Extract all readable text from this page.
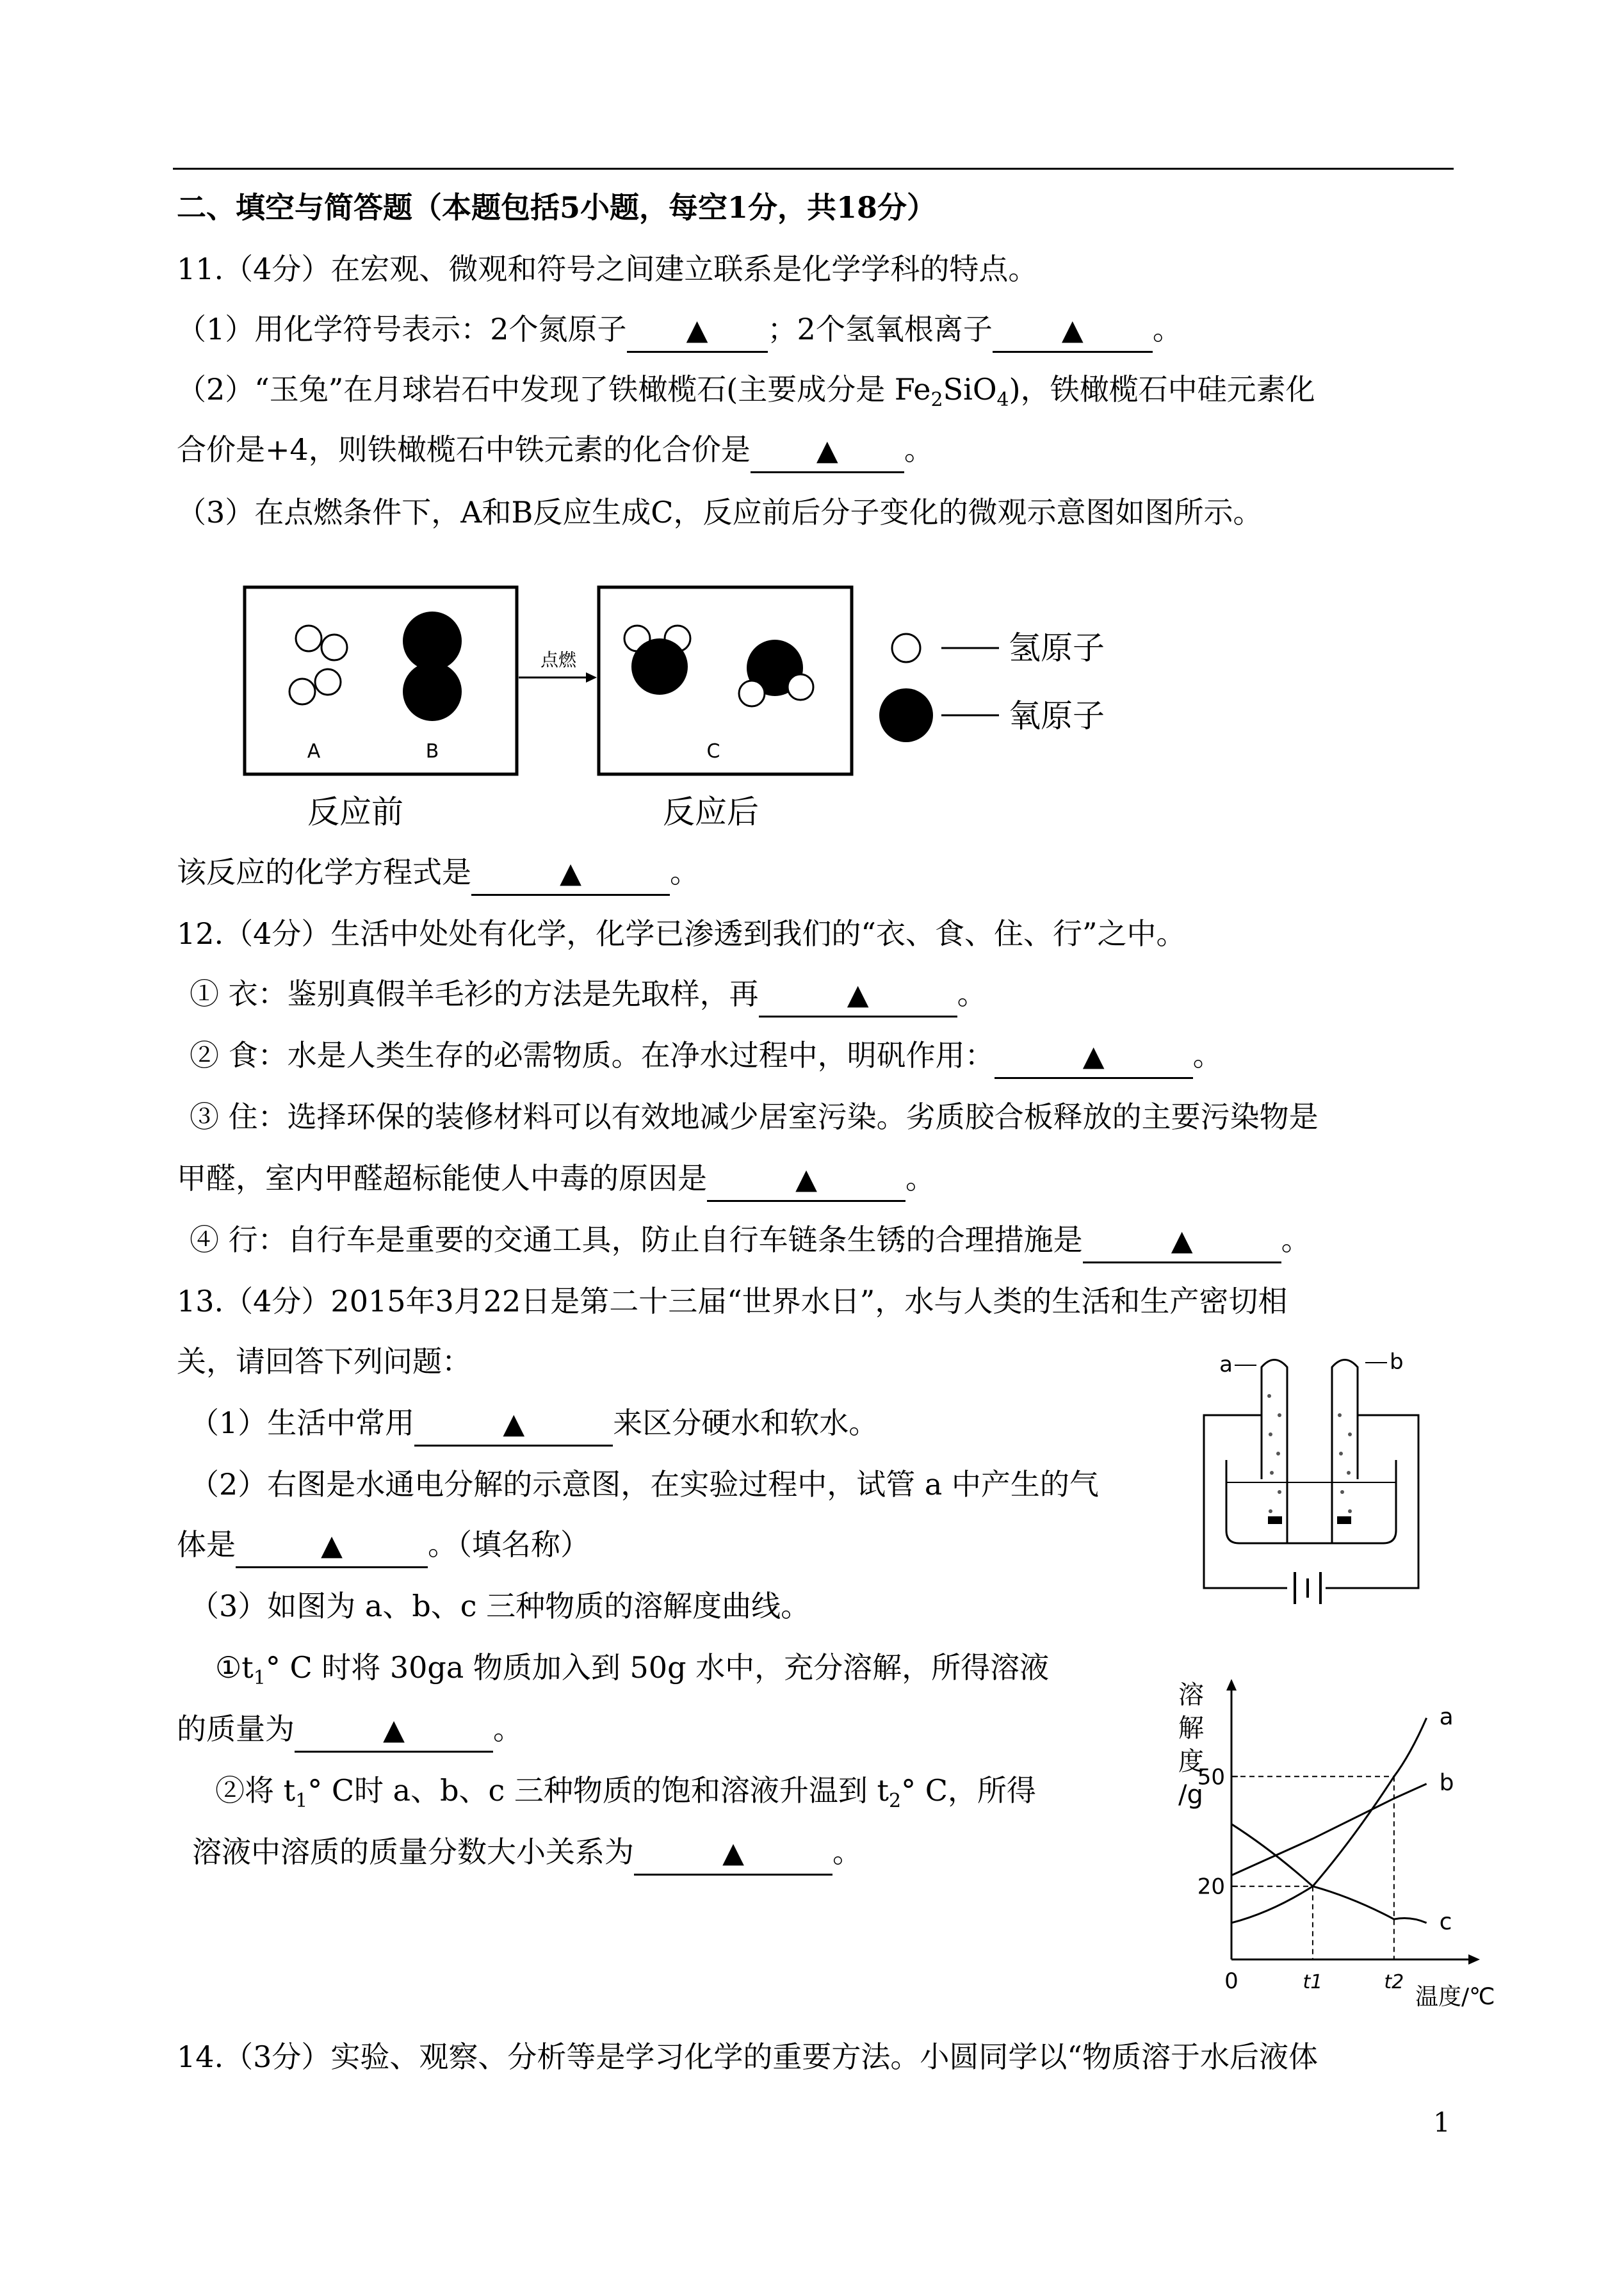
二、填空与简答题（本题包括5小题，每空1分，共18分）
11.（4分）在宏观、微观和符号之间建立联系是化学学科的特点。
（1）用化学符号表示：2个氮原子 ▲ ；2个氢氧根离子 ▲ 。
（2）“玉兔”在月球岩石中发现了铁橄榄石(主要成分是 $Fe_2SiO_4$)，铁橄榄石中硅元素化
合价是+4，则铁橄榄石中铁元素的化合价是 ▲ 。
（3）在点燃条件下，A和B反应生成C，反应前后分子变化的微观示意图如图所示。
A	B
点燃
C
反应前	反应后
氢原子
氧原子
该反应的化学方程式是	▲	。
12.（4分）生活中处处有化学，化学已渗透到我们的“衣、食、住、行”之中。
① 衣：鉴别真假羊毛衫的方法是先取样，再	▲	。
② 食：水是人类生存的必需物质。在净水过程中，明矾作用：	▲	。
③ 住：选择环保的装修材料可以有效地减少居室污染。劣质胶合板释放的主要污染物是
甲醛，室内甲醛超标能使人中毒的原因是	▲	。
④ 行：自行车是重要的交通工具，防止自行车链条生锈的合理措施是	▲	。
13.（4分）2015年3月22日是第二十三届“世界水日”，水与人类的生活和生产密切相
关，请回答下列问题：
（1）生活中常用	▲	来区分硬水和软水。
（2）右图是水通电分解的示意图，在实验过程中，试管 a 中产生的气
体是	▲	。（填名称）
（3）如图为 a、b、c 三种物质的溶解度曲线。
$①t_1^\circ$ C 时将 30ga 物质加入到 50g 水中，充分溶解，所得溶液
的质量为	▲	。
②将 $t_1^\circ$ C时 a、b、c 三种物质的饱和溶液升温到 $t_2^\circ$ C，所得
溶液中溶质的质量分数大小关系为	▲	。
a	b
溶
解
度
/g
20
50
t1	t2
a
b
c
温度/℃
0
14.（3分）实验、观察、分析等是学习化学的重要方法。小圆同学以“物质溶于水后液体
1
